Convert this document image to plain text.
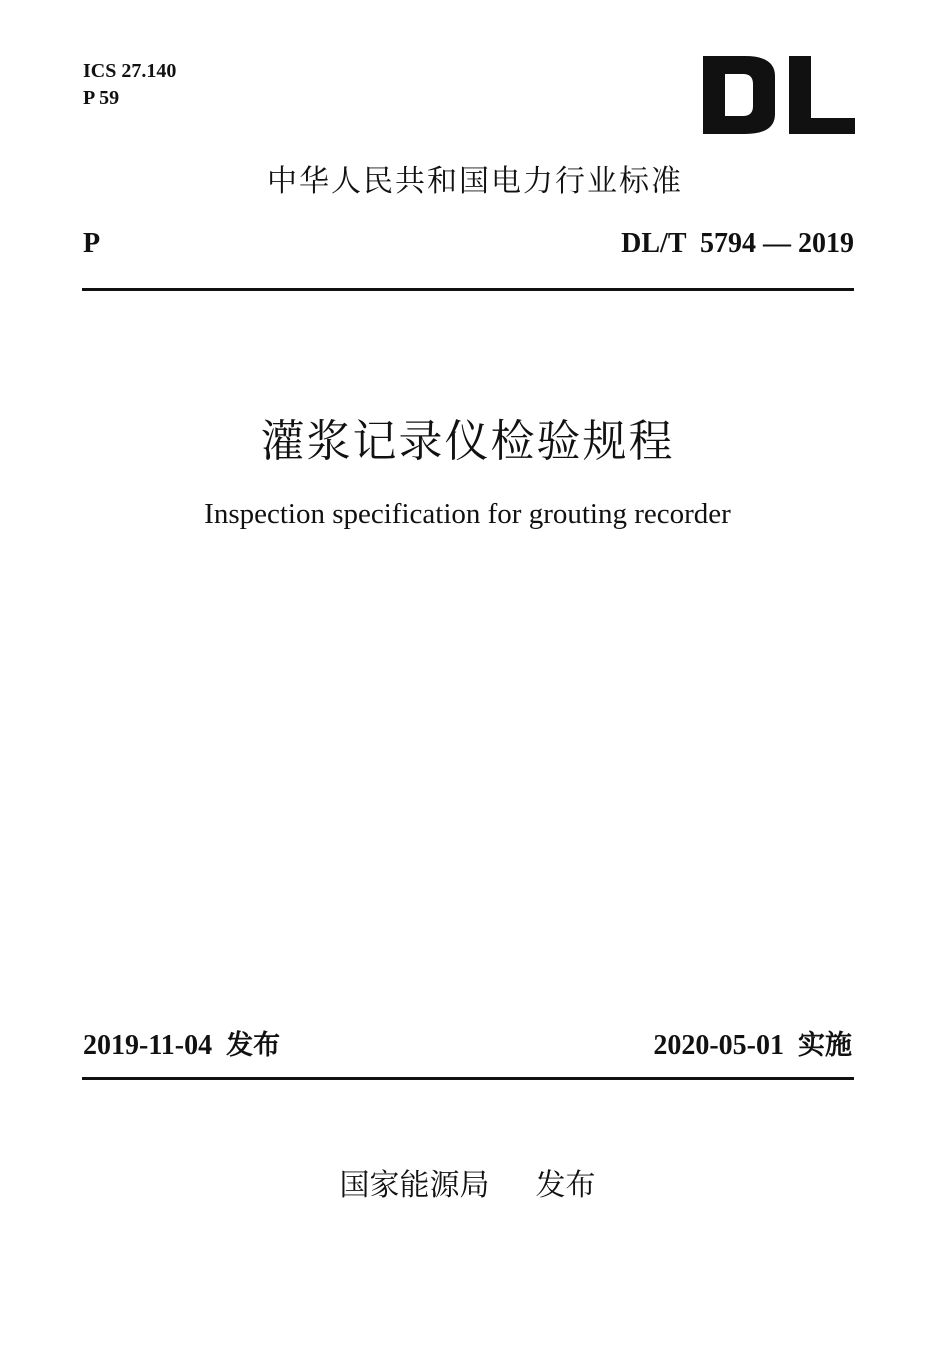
ICS 27.140
P 59
中华人民共和国电力行业标准
P	DL/T  5794 — 2019
灌浆记录仪检验规程
Inspection specification for grouting recorder
2019-11-04 发布	2020-05-01 实施
国家能源局 发布
